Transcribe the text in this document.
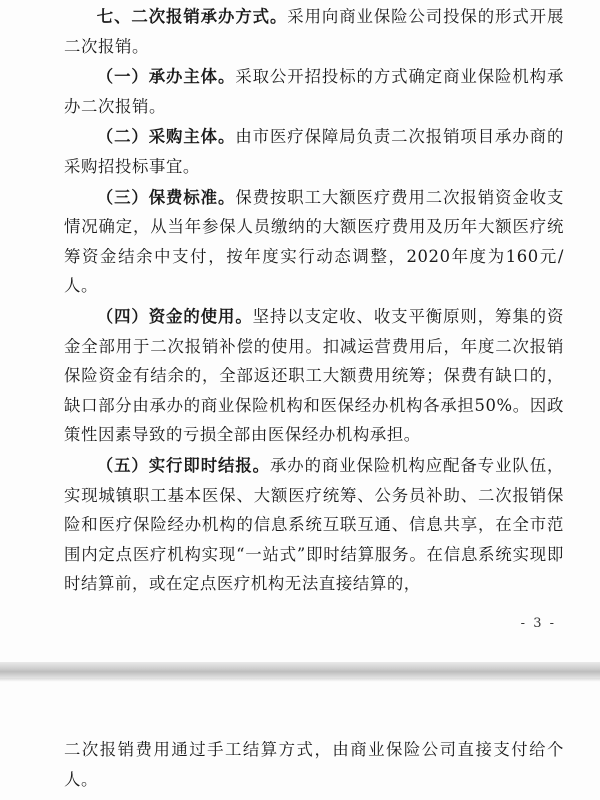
七、二次报销承办方式。采用向商业保险公司投保的形式开展二次报销。

（一）承办主体。采取公开招投标的方式确定商业保险机构承办二次报销。

（二）采购主体。由市医疗保障局负责二次报销项目承办商的采购招投标事宜。

（三）保费标准。保费按职工大额医疗费用二次报销资金收支情况确定，从当年参保人员缴纳的大额医疗费用及历年大额医疗统筹资金结余中支付，按年度实行动态调整，2020年度为160元/人。

（四）资金的使用。坚持以支定收、收支平衡原则，筹集的资金全部用于二次报销补偿的使用。扣减运营费用后，年度二次报销保险资金有结余的，全部返还职工大额费用统筹；保费有缺口的，缺口部分由承办的商业保险机构和医保经办机构各承担50%。因政策性因素导致的亏损全部由医保经办机构承担。

（五）实行即时结报。承办的商业保险机构应配备专业队伍，实现城镇职工基本医保、大额医疗统筹、公务员补助、二次报销保险和医疗保险经办机构的信息系统互联互通、信息共享，在全市范围内定点医疗机构实现“一站式”即时结算服务。在信息系统实现即时结算前，或在定点医疗机构无法直接结算的，

- 3 -

二次报销费用通过手工结算方式，由商业保险公司直接支付给个人。
